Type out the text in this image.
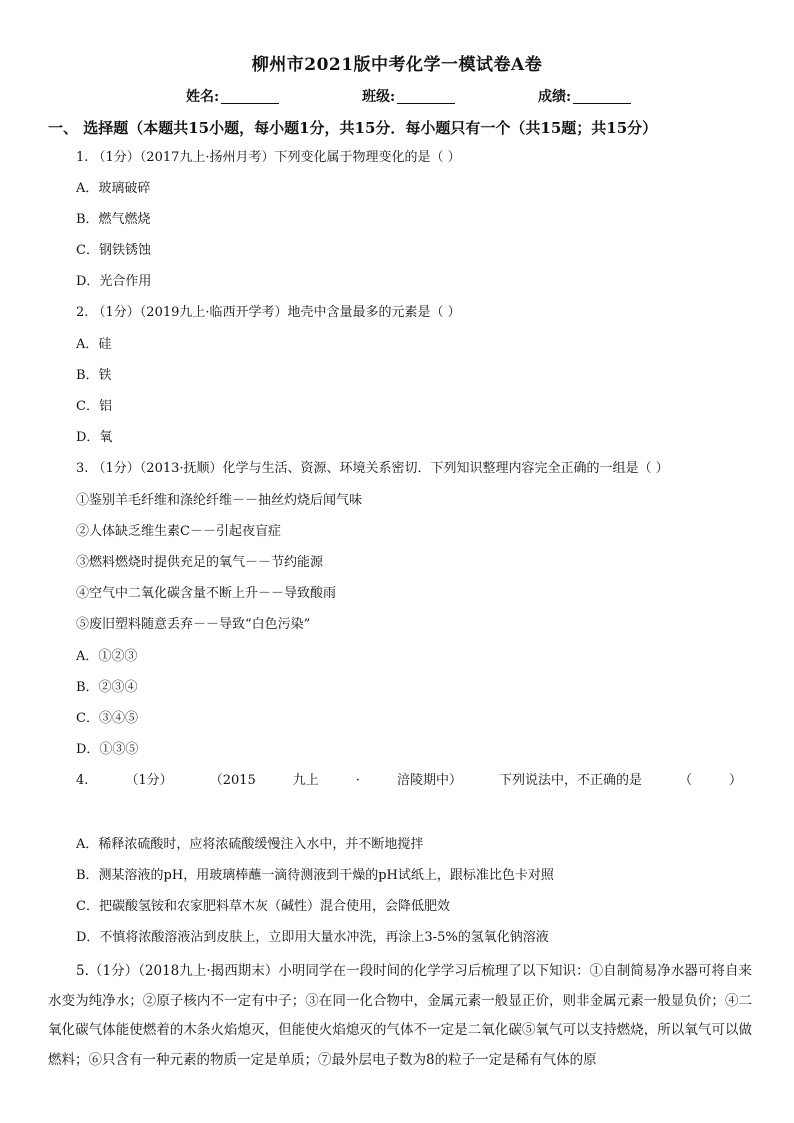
柳州市2021版中考化学一模试卷A卷
姓名:	班级:	成绩:
一、 选择题（本题共15小题，每小题1分，共15分．每小题只有一个（共15题；共15分）
1. （1分）（2017九上·扬州月考）下列变化属于物理变化的是（ ）
A．玻璃破碎
B．燃气燃烧
C．钢铁锈蚀
D．光合作用
2. （1分）（2019九上·临西开学考）地壳中含量最多的元素是（ ）
A．硅
B．铁
C．铝
D．氧
3. （1分）（2013·抚顺）化学与生活、资源、环境关系密切．下列知识整理内容完全正确的一组是（ ）
①鉴别羊毛纤维和涤纶纤维－－抽丝灼烧后闻气味
②人体缺乏维生素C－－引起夜盲症
③燃料燃烧时提供充足的氧气－－节约能源
④空气中二氧化碳含量不断上升－－导致酸雨
⑤废旧塑料随意丢弃－－导致“白色污染”
A．①②③
B．②③④
C．③④⑤
D．①③⑤
4.	（1分）	（2015	九上	·	涪陵期中）	下列说法中，不正确的是	（	）
A．稀释浓硫酸时，应将浓硫酸缓慢注入水中，并不断地搅拌
B．测某溶液的pH，用玻璃棒蘸一滴待测液到干燥的pH试纸上，跟标准比色卡对照
C．把碳酸氢铵和农家肥料草木灰（碱性）混合使用，会降低肥效
D．不慎将浓酸溶液沾到皮肤上，立即用大量水冲洗，再涂上3-5%的氢氧化钠溶液
5.（1分）（2018九上·揭西期末）小明同学在一段时间的化学学习后梳理了以下知识：①自制简易净水器可将自来水变为纯净水；②原子核内不一定有中子；③在同一化合物中，金属元素一般显正价，则非金属元素一般显负价；④二氧化碳气体能使燃着的木条火焰熄灭，但能使火焰熄灭的气体不一定是二氧化碳⑤氧气可以支持燃烧，所以氧气可以做燃料；⑥只含有一种元素的物质一定是单质；⑦最外层电子数为8的粒子一定是稀有气体的原
